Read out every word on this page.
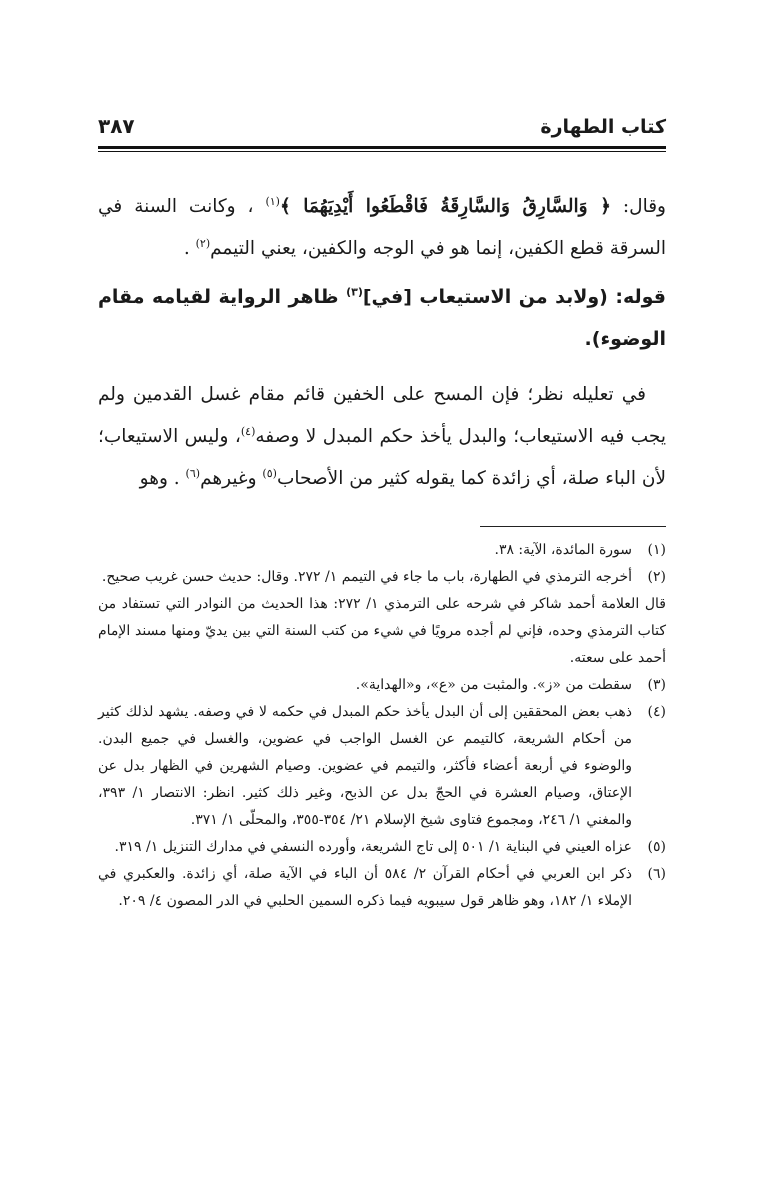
كتاب الطهارة
٣٨٧

وقال: ﴿ وَالسَّارِقُ وَالسَّارِقَةُ فَاقْطَعُوا أَيْدِيَهُمَا ﴾$^{(١)}$ ، وكانت السنة في السرقة قطع الكفين، إنما هو في الوجه والكفين، يعني التيمم$^{(٢)}$ .

قوله: (ولابد من الاستيعاب [في]$^{(٣)}$ ظاهر الرواية لقيامه مقام الوضوء).

في تعليله نظر؛ فإن المسح على الخفين قائم مقام غسل القدمين ولم يجب فيه الاستيعاب؛ والبدل يأخذ حكم المبدل لا وصفه$^{(٤)}$، وليس الاستيعاب؛ لأن الباء صلة، أي زائدة كما يقوله كثير من الأصحاب$^{(٥)}$ وغيرهم$^{(٦)}$ . وهو

(١)

سورة المائدة، الآية: ٣٨.

(٢)

أخرجه الترمذي في الطهارة، باب ما جاء في التيمم ١/ ٢٧٢. وقال: حديث حسن غريب صحيح.

قال العلامة أحمد شاكر في شرحه على الترمذي ١/ ٢٧٢: هذا الحديث من النوادر التي تستفاد من كتاب الترمذي وحده، فإني لم أجده مرويًا في شيء من كتب السنة التي بين يديّ ومنها مسند الإمام أحمد على سعته.

(٣)

سقطت من «ز». والمثبت من «ع»، و«الهداية».

(٤)

ذهب بعض المحققين إلى أن البدل يأخذ حكم المبدل في حكمه لا في وصفه. يشهد لذلك كثير من أحكام الشريعة، كالتيمم عن الغسل الواجب في عضوين، والغسل في جميع البدن. والوضوء في أربعة أعضاء فأكثر، والتيمم في عضوين. وصيام الشهرين في الظهار بدل عن الإعتاق، وصيام العشرة في الحجّ بدل عن الذبح، وغير ذلك كثير. انظر: الانتصار ١/ ٣٩٣، والمغني ١/ ٢٤٦، ومجموع فتاوى شيخ الإسلام ٢١/ ٣٥٤-٣٥٥، والمحلّى ١/ ٣٧١.

(٥)

عزاه العيني في البناية ١/ ٥٠١ إلى تاج الشريعة، وأورده النسفي في مدارك التنزيل ١/ ٣١٩.

(٦)

ذكر ابن العربي في أحكام القرآن ٢/ ٥٨٤ أن الباء في الآية صلة، أي زائدة. والعكبري في الإملاء ١/ ١٨٢، وهو ظاهر قول سيبويه فيما ذكره السمين الحلبي في الدر المصون ٤/ ٢٠٩.
